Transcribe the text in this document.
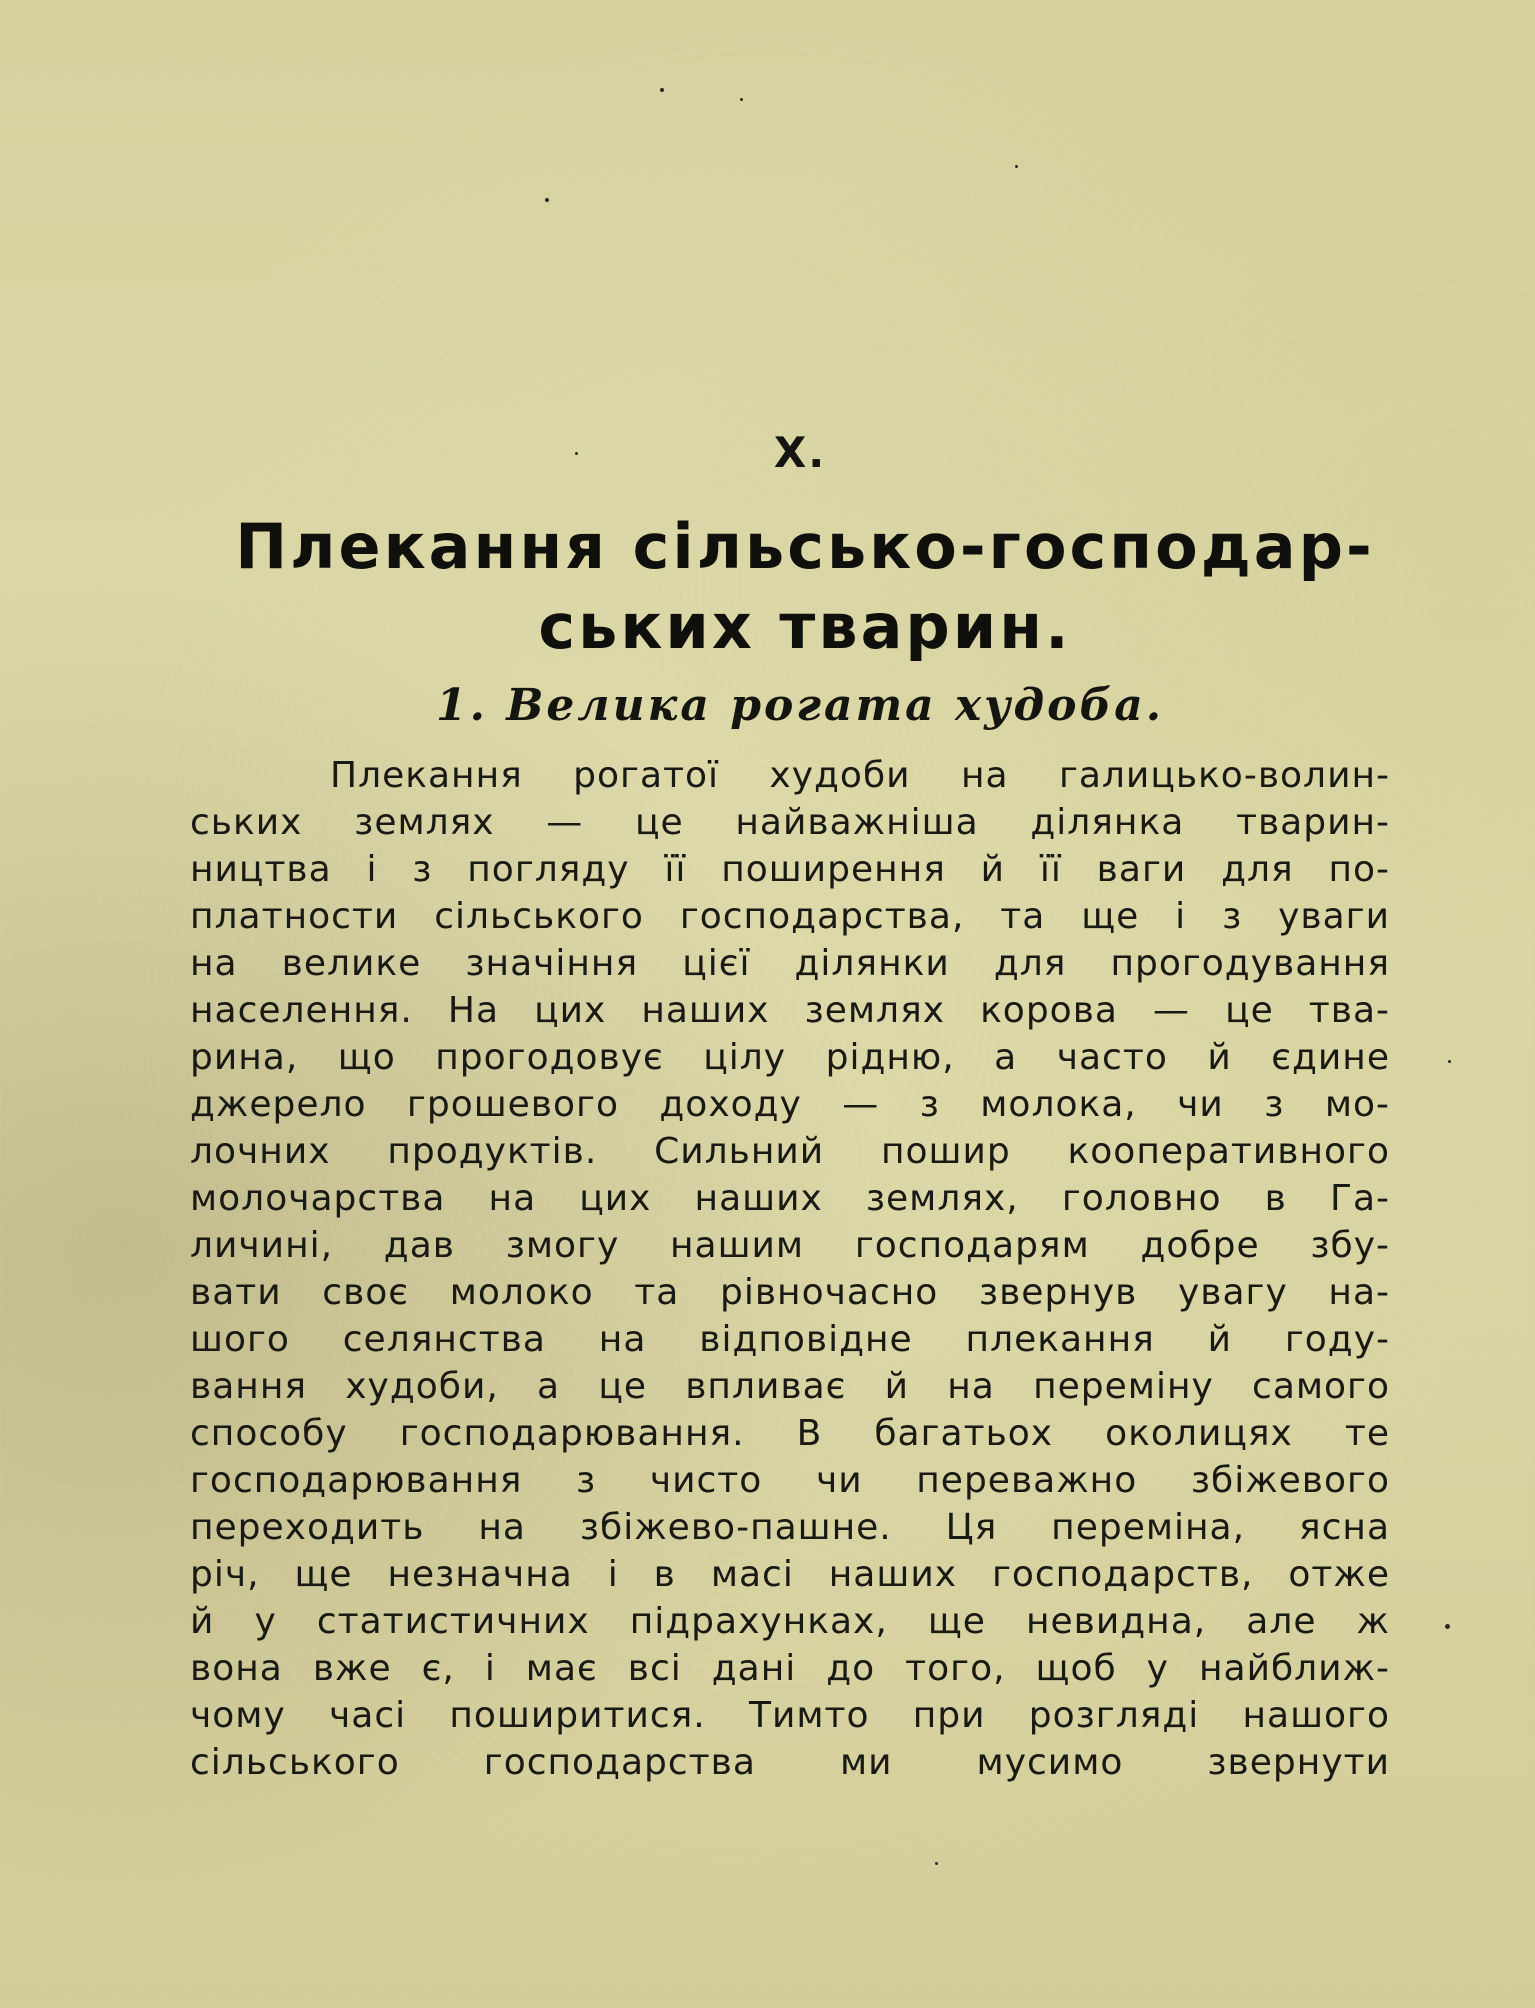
X.
Плекання сільсько-господар-
ських тварин.
1. Велика рогата худоба.
Плекання рогатої худоби на галицько-волин-
ських землях — це найважніша ділянка тварин-
ництва і з погляду її поширення й її ваги для по-
платности сільського господарства, та ще і з уваги
на велике значіння цієї ділянки для прогодування
населення. На цих наших землях корова — це тва-
рина, що прогодовує цілу рідню, а часто й єдине
джерело грошевого доходу — з молока, чи з мо-
лочних продуктів. Сильний пошир кооперативного
молочарства на цих наших землях, головно в Га-
личині, дав змогу нашим господарям добре збу-
вати своє молоко та рівночасно звернув увагу на-
шого селянства на відповідне плекання й году-
вання худоби, а це впливає й на переміну самого
способу господарювання. В багатьох околицях те
господарювання з чисто чи переважно збіжевого
переходить на збіжево-пашне. Ця переміна, ясна
річ, ще незначна і в масі наших господарств, отже
й у статистичних підрахунках, ще невидна, але ж
вона вже є, і має всі дані до того, щоб у найближ-
чому часі поширитися. Тимто при розгляді нашого
сільського господарства ми мусимо звернути
